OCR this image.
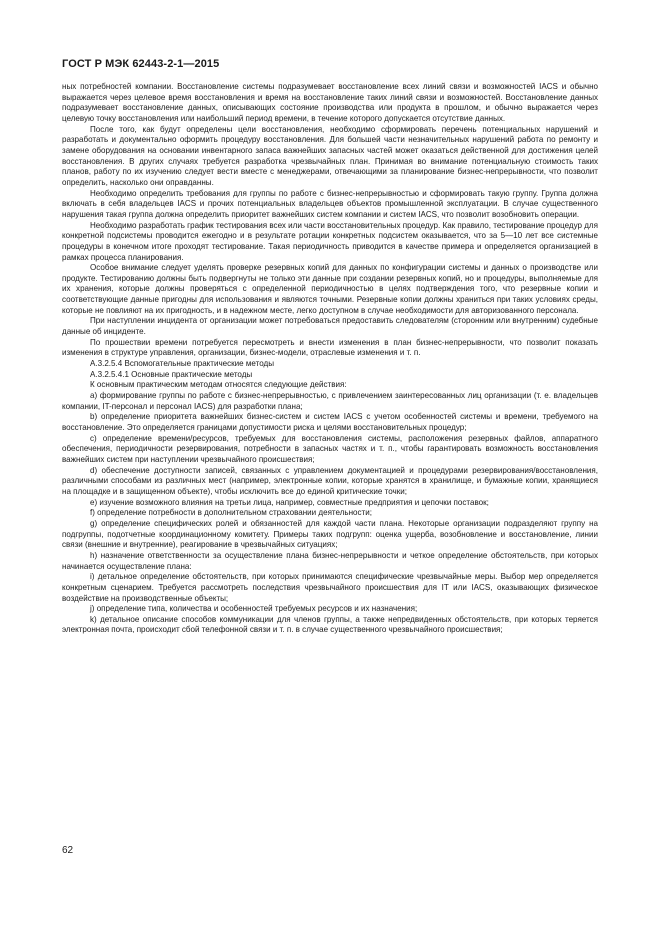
ГОСТ Р МЭК 62443-2-1—2015

ных потребностей компании. Восстановление системы подразумевает восстановление всех линий связи и возможностей IACS и обычно выражается через целевое время восстановления и время на восстановление таких линий связи и возможностей. Восстановление данных подразумевает восстановление данных, описывающих состояние производства или продукта в прошлом, и обычно выражается через целевую точку восстановления или наибольший период времени, в течение которого допускается отсутствие данных.

После того, как будут определены цели восстановления, необходимо сформировать перечень потенциальных нарушений и разработать и документально оформить процедуру восстановления. Для большей части незначительных нарушений работа по ремонту и замене оборудования на основании инвентарного запаса важнейших запасных частей может оказаться действенной для достижения целей восстановления. В других случаях требуется разработка чрезвычайных план. Принимая во внимание потенциальную стоимость таких планов, работу по их изучению следует вести вместе с менеджерами, отвечающими за планирование бизнес-непрерывности, что позволит определить, насколько они оправданны.

Необходимо определить требования для группы по работе с бизнес-непрерывностью и сформировать такую группу. Группа должна включать в себя владельцев IACS и прочих потенциальных владельцев объектов промышленной эксплуатации. В случае существенного нарушения такая группа должна определить приоритет важнейших систем компании и систем IACS, что позволит возобновить операции.

Необходимо разработать график тестирования всех или части восстановительных процедур. Как правило, тестирование процедур для конкретной подсистемы проводится ежегодно и в результате ротации конкретных подсистем оказывается, что за 5—10 лет все системные процедуры в конечном итоге проходят тестирование. Такая периодичность приводится в качестве примера и определяется организацией в рамках процесса планирования.

Особое внимание следует уделять проверке резервных копий для данных по конфигурации системы и данных о производстве или продукте. Тестированию должны быть подвергнуты не только эти данные при создании резервных копий, но и процедуры, выполняемые для их хранения, которые должны проверяться с определенной периодичностью в целях подтверждения того, что резервные копии и соответствующие данные пригодны для использования и являются точными. Резервные копии должны храниться при таких условиях среды, которые не повлияют на их пригодность, и в надежном месте, легко доступном в случае необходимости для авторизованного персонала.

При наступлении инцидента от организации может потребоваться предоставить следователям (сторонним или внутренним) судебные данные об инциденте.

По прошествии времени потребуется пересмотреть и внести изменения в план бизнес-непрерывности, что позволит показать изменения в структуре управления, организации, бизнес-модели, отраслевые изменения и т. п.

А.3.2.5.4 Вспомогательные практические методы

А.3.2.5.4.1 Основные практические методы

К основным практическим методам относятся следующие действия:

a) формирование группы по работе с бизнес-непрерывностью, с привлечением заинтересованных лиц организации (т. е. владельцев компании, IT-персонал и персонал IACS) для разработки плана;

b) определение приоритета важнейших бизнес-систем и систем IACS с учетом особенностей системы и времени, требуемого на восстановление. Это определяется границами допустимости риска и целями восстановительных процедур;

c) определение времени/ресурсов, требуемых для восстановления системы, расположения резервных файлов, аппаратного обеспечения, периодичности резервирования, потребности в запасных частях и т. п., чтобы гарантировать возможность восстановления важнейших систем при наступлении чрезвычайного происшествия;

d) обеспечение доступности записей, связанных с управлением документацией и процедурами резервирования/восстановления, различными способами из различных мест (например, электронные копии, которые хранятся в хранилище, и бумажные копии, хранящиеся на площадке и в защищенном объекте), чтобы исключить все до единой критические точки;

e) изучение возможного влияния на третьи лица, например, совместные предприятия и цепочки поставок;

f) определение потребности в дополнительном страховании деятельности;

g) определение специфических ролей и обязанностей для каждой части плана. Некоторые организации подразделяют группу на подгруппы, подотчетные координационному комитету. Примеры таких подгрупп: оценка ущерба, возобновление и восстановление, линии связи (внешние и внутренние), реагирование в чрезвычайных ситуациях;

h) назначение ответственности за осуществление плана бизнес-непрерывности и четкое определение обстоятельств, при которых начинается осуществление плана:

i) детальное определение обстоятельств, при которых принимаются специфические чрезвычайные меры. Выбор мер определяется конкретным сценарием. Требуется рассмотреть последствия чрезвычайного происшествия для IT или IACS, оказывающих физическое воздействие на производственные объекты;

j) определение типа, количества и особенностей требуемых ресурсов и их назначения;

k) детальное описание способов коммуникации для членов группы, а также непредвиденных обстоятельств, при которых теряется электронная почта, происходит сбой телефонной связи и т. п. в случае существенного чрезвычайного происшествия;

62
